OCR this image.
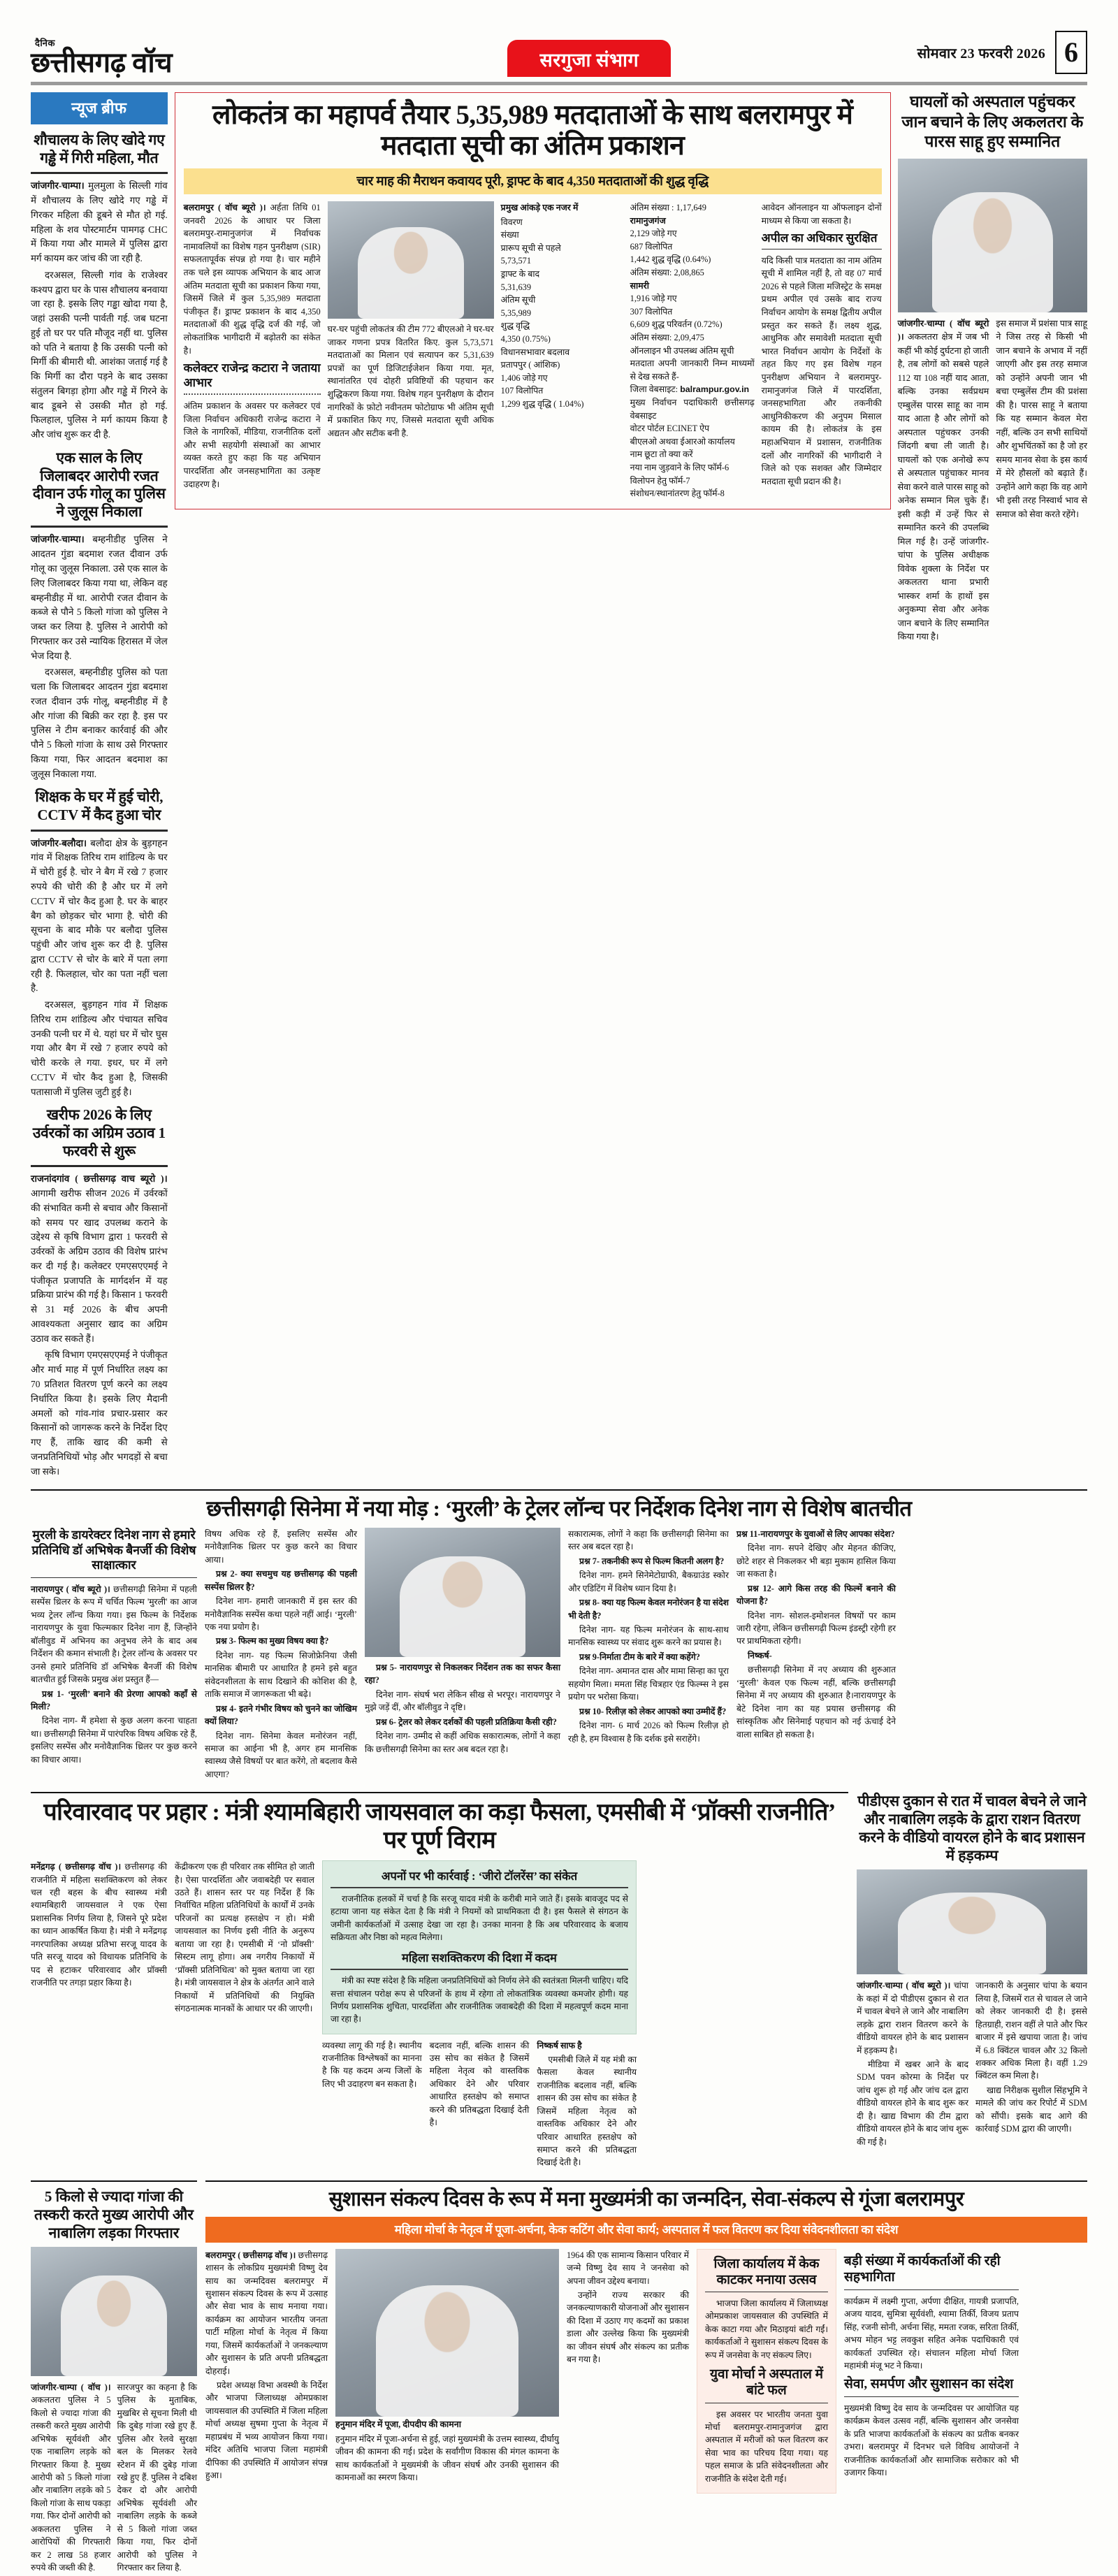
दैनिक
छत्तीसगढ़ वॉच	सरगुजा संभाग	सोमवार 23 फरवरी 2026 6
न्यूज ब्रीफ
शौचालय के लिए खोदे गए गड्ढे में गिरी महिला, मौत

जांजगीर-चाम्पा। मुलमुला के सिल्ली गांव में शौचालय के लिए खोदे गए गड्ढे में गिरकर महिला की डूबने से मौत हो गई. महिला के शव पोस्टमार्टम पामगढ़ CHC में किया गया और मामले में पुलिस द्वारा मर्ग कायम कर जांच की जा रही है.

दरअसल, सिल्ली गांव के राजेश्वर कश्यप द्वारा घर के पास शौचालय बनवाया जा रहा है. इसके लिए गड्ढा खोदा गया है, जहां उसकी पत्नी पार्वती गई. जब घटना हुई तो घर पर पति मौजूद नहीं था. पुलिस को पति ने बताया है कि उसकी पत्नी को मिर्गी की बीमारी थी. आशंका जताई गई है कि मिर्गी का दौरा पड़ने के बाद उसका संतुलन बिगड़ा होगा और गड्ढे में गिरने के बाद डूबने से उसकी मौत हो गई. फिलहाल, पुलिस ने मर्ग कायम किया है और जांच शुरू कर दी है.

एक साल के लिए जिलाबदर आरोपी रजत दीवान उर्फ गोलू का पुलिस ने जुलूस निकाला

जांजगीर-चाम्पा। बम्हनीडीह पुलिस ने आदतन गुंडा बदमाश रजत दीवान उर्फ गोलू का जुलूस निकाला. उसे एक साल के लिए जिलाबदर किया गया था, लेकिन वह बम्हनीडीह में था. आरोपी रजत दीवान के कब्जे से पौने 5 किलो गांजा को पुलिस ने जब्त कर लिया है. पुलिस ने आरोपी को गिरफ्तार कर उसे न्यायिक हिरासत में जेल भेज दिया है.

दरअसल, बम्हनीडीह पुलिस को पता चला कि जिलाबदर आदतन गुंडा बदमाश रजत दीवान उर्फ गोलू, बम्हनीडीह में है और गांजा की बिक्री कर रहा है. इस पर पुलिस ने टीम बनाकर कार्रवाई की और पौने 5 किलो गांजा के साथ उसे गिरफ्तार किया गया, फिर आदतन बदमाश का जुलूस निकाला गया.

शिक्षक के घर में हुई चोरी, CCTV में कैद हुआ चोर

जांजगीर-बलौदा। बलौदा क्षेत्र के बुड़गहन गांव में शिक्षक तिरिथ राम शांडिल्य के घर में चोरी हुई है. चोर ने बैग में रखे 7 हजार रुपये की चोरी की है और घर में लगे CCTV में चोर कैद हुआ है. घर के बाहर बैग को छोड़कर चोर भागा है. चोरी की सूचना के बाद मौके पर बलौदा पुलिस पहुंची और जांच शुरू कर दी है. पुलिस द्वारा CCTV से चोर के बारे में पता लगा रही है. फिलहाल, चोर का पता नहीं चला है.

दरअसल, बुड़गहन गांव में शिक्षक तिरिथ राम शांडिल्य और पंचायत सचिव उनकी पत्नी घर में थे. यहां घर में चोर घुस गया और बैग में रखे 7 हजार रुपये को चोरी करके ले गया. इधर, घर में लगे CCTV में चोर कैद हुआ है, जिसकी पतासाजी में पुलिस जुटी हुई है।

खरीफ 2026 के लिए उर्वरकों का अग्रिम उठाव 1 फरवरी से शुरू

राजनांदगांव ( छत्तीसगढ़ वाच ब्यूरो )। आगामी खरीफ सीजन 2026 में उर्वरकों की संभावित कमी से बचाव और किसानों को समय पर खाद उपलब्ध कराने के उद्देश्य से कृषि विभाग द्वारा 1 फरवरी से उर्वरकों के अग्रिम उठाव की विशेष प्रारंभ कर दी गई है। कलेक्टर एमएसएएमई ने पंजीकृत प्रजापति के मार्गदर्शन में यह प्रक्रिया प्रारंभ की गई है। किसान 1 फरवरी से 31 मई 2026 के बीच अपनी आवश्यकता अनुसार खाद का अग्रिम उठाव कर सकते हैं।

कृषि विभाग एमएसएएमई ने पंजीकृत और मार्च माह में पूर्ण निर्धारित लक्ष्य का 70 प्रतिशत वितरण पूर्ण करने का लक्ष्य निर्धारित किया है। इसके लिए मैदानी अमलों को गांव-गांव प्रचार-प्रसार कर किसानों को जागरूक करने के निर्देश दिए गए हैं, ताकि खाद की कमी से जनप्रतिनिधियों भोड़ और भगदड़ों से बचा जा सके।

लोकतंत्र का महापर्व तैयार 5,35,989 मतदाताओं के साथ बलरामपुर में मतदाता सूची का अंतिम प्रकाशन
चार माह की मैराथन कवायद पूरी, ड्राफ्ट के बाद 4,350 मतदाताओं की शुद्ध वृद्धि

बलरामपुर ( वॉच ब्यूरो )। अर्हता तिथि 01 जनवरी 2026 के आधार पर जिला बलरामपुर-रामानुजगंज में निर्वाचक नामावलियों का विशेष गहन पुनरीक्षण (SIR) सफलतापूर्वक संपन्न हो गया है। चार महीने तक चले इस व्यापक अभियान के बाद आज अंतिम मतदाता सूची का प्रकाशन किया गया, जिसमें जिले में कुल 5,35,989 मतदाता पंजीकृत हैं। ड्राफ्ट प्रकाशन के बाद 4,350 मतदाताओं की शुद्ध वृद्धि दर्ज की गई, जो लोकतांत्रिक भागीदारी में बढ़ोतरी का संकेत है।

कलेक्टर राजेन्द्र कटारा ने जताया आभार

अंतिम प्रकाशन के अवसर पर कलेक्टर एवं जिला निर्वाचन अधिकारी राजेन्द्र कटारा ने जिले के नागरिकों, मीडिया, राजनीतिक दलों और सभी सहयोगी संस्थाओं का आभार व्यक्त करते हुए कहा कि यह अभियान पारदर्शिता और जनसहभागिता का उत्कृष्ट उदाहरण है।

घर-घर पहुंची लोकतंत्र की टीम 772 बीएलओ ने घर-घर जाकर गणना प्रपत्र वितरित किए. कुल 5,73,571 मतदाताओं का मिलान एवं सत्यापन कर 5,31,639 प्रपत्रों का पूर्ण डिजिटाईजेशन किया गया. मृत, स्थानांतरित एवं दोहरी प्रविष्टियों की पहचान कर शुद्धिकरण किया गया. विशेष गहन पुनरीक्षण के दौरान नागरिकों के फ़ोटो नवीनतम फोटोग्राफ भी अंतिम सूची में प्रकाशित किए गए, जिससे मतदाता सूची अधिक अद्यतन और सटीक बनी है.

प्रमुख आंकड़े एक नजर में
विवरण
संख्या
प्रारूप सूची से पहले
5,73,571
ड्राफ्ट के बाद
5,31,639
अंतिम सूची
5,35,989
शुद्ध वृद्धि
4,350 (0.75%)
विधानसभावार बदलाव
प्रतापपुर ( आंशिक)
1,406 जोड़े गए
107 विलोपित
1,299 शुद्ध वृद्धि ( 1.04%)
अंतिम संख्या : 1,17,649
रामानुजगंज
2,129 जोड़े गए
687 विलोपित
1,442 शुद्ध वृद्धि (0.64%)
अंतिम संख्या: 2,08,865
सामरी
1,916 जोड़े गए
307 विलोपित
6,609 शुद्ध परिवर्तन (0.72%)
अंतिम संख्या: 2,09,475
ऑनलाइन भी उपलब्ध अंतिम सूची
मतदाता अपनी जानकारी निम्न माध्यमों से देख सकते हैं-
जिला वेबसाइट: balrampur.gov.in
मुख्य निर्वाचन पदाधिकारी छत्तीसगढ़ वेबसाइट
वोटर पोर्टल ECINET ऐप
बीएलओ अथवा ईआरओ कार्यालय
नाम छूटा तो क्या करें
नया नाम जुड़वाने के लिए फॉर्म-6
विलोपन हेतु फॉर्म-7
संशोधन/स्थानांतरण हेतु फॉर्म-8

आवेदन ऑनलाइन या ऑफलाइन दोनों माध्यम से किया जा सकता है।

अपील का अधिकार सुरक्षित

यदि किसी पात्र मतदाता का नाम अंतिम सूची में शामिल नहीं है, तो वह 07 मार्च 2026 से पहले जिला मजिस्ट्रेट के समक्ष प्रथम अपील एवं उसके बाद राज्य निर्वाचन आयोग के समक्ष द्वितीय अपील प्रस्तुत कर सकते हैं। लक्ष्य शुद्ध, आधुनिक और समावेशी मतदाता सूची भारत निर्वाचन आयोग के निर्देशों के तहत किए गए इस विशेष गहन पुनरीक्षण अभियान ने बलरामपुर-रामानुजगंज जिले में पारदर्शिता, जनसहभागिता और तकनीकी आधुनिकीकरण की अनुपम मिसाल कायम की है। लोकतंत्र के इस महाअभियान में प्रशासन, राजनीतिक दलों और नागरिकों की भागीदारी ने जिले को एक सशक्त और जिम्मेदार मतदाता सूची प्रदान की है।

घायलों को अस्पताल पहुंचकर जान बचाने के लिए अकलतरा के पारस साहू हुए सम्मानित

जांजगीर-चाम्पा ( वॉच ब्यूरो )। अकलतरा क्षेत्र में जब भी कहीं भी कोई दुर्घटना हो जाती है, तब लोगों को सबसे पहले 112 या 108 नहीं याद आता, बल्कि उनका सर्वप्रथम एम्बुलेंस पारस साहू का नाम याद आता है और लोगों को अस्पताल पहुंचकर उनकी जिंदगी बचा ली जाती है। घायलों को एक अनोखे रूप से अस्पताल पहुंचाकर मानव सेवा करने वाले पारस साहू को अनेक सम्मान मिल चुके हैं। इसी कड़ी में उन्हें फिर से सम्मानित करने की उपलब्धि मिल गई है। उन्हें जांजगीर-चांपा के पुलिस अधीक्षक विवेक शुक्ला के निर्देश पर अकलतरा थाना प्रभारी भास्कर शर्मा के हाथों इस अनुकम्पा सेवा और अनेक जान बचाने के लिए सम्मानित किया गया है।

इस समाज में प्रशंसा पात्र साहू ने जिस तरह से किसी भी जान बचाने के अभाव में नहीं जाएगी और इस तरह समाज को उन्होंने अपनी जान भी बचा एम्बुलेंस टीम की प्रशंसा की है। पारस साहू ने बताया कि यह सम्मान केवल मेरा नहीं, बल्कि उन सभी साथियों और शुभचिंतकों का है जो हर समय मानव सेवा के इस कार्य में मेरे हौसलों को बढ़ाते हैं। उन्होंने आगे कहा कि वह आगे भी इसी तरह निस्वार्थ भाव से समाज को सेवा करते रहेंगे।

छत्तीसगढ़ी सिनेमा में नया मोड़ : ‘मुरली’ के ट्रेलर लॉन्च पर निर्देशक दिनेश नाग से विशेष बातचीत
मुरली के डायरेक्टर दिनेश नाग से हमारे प्रतिनिधि डॉ अभिषेक बैनर्जी की विशेष साक्षात्कार

नारायणपुर ( वॉच ब्यूरो )। छत्तीसगढ़ी सिनेमा में पहली सस्पेंस थ्रिलर के रूप में चर्चित फिल्म 'मुरली' का आज भव्य ट्रेलर लॉन्च किया गया। इस फिल्म के निर्देशक नारायणपुर के युवा फिल्मकार दिनेश नाग हैं, जिन्होंने बॉलीवुड में अभिनय का अनुभव लेने के बाद अब निर्देशन की कमान संभाली है। ट्रेलर लॉन्च के अवसर पर उनसे हमारे प्रतिनिधि डॉ अभिषेक बैनर्जी की विशेष बातचीत हुई जिसके प्रमुख अंश प्रस्तुत हैं—

प्रश्न 1- ‘मुरली’ बनाने की प्रेरणा आपको कहाँ से मिली?

दिनेश नाग- मैं हमेशा से कुछ अलग करना चाहता था। छत्तीसगढ़ी सिनेमा में पारंपरिक विषय अधिक रहे हैं, इसलिए सस्पेंस और मनोवैज्ञानिक थ्रिलर पर कुछ करने का विचार आया।

विषय अधिक रहे हैं, इसलिए सस्पेंस और मनोवैज्ञानिक थ्रिलर पर कुछ करने का विचार आया।

प्रश्न 2- क्या सचमुच यह छत्तीसगढ़ की पहली सस्पेंस थ्रिलर है?

दिनेश नाग- हमारी जानकारी में इस स्तर की मनोवैज्ञानिक सस्पेंस कथा पहले नहीं आई। ‘मुरली’ एक नया प्रयोग है।

प्रश्न 3- फिल्म का मुख्य विषय क्या है?

दिनेश नाग- यह फिल्म सिजोफ्रेनिया जैसी मानसिक बीमारी पर आधारित है हमने इसे बहुत संवेदनशीलता के साथ दिखाने की कोशिश की है, ताकि समाज में जागरूकता भी बढ़े।

प्रश्न 4- इतने गंभीर विषय को चुनने का जोखिम क्यों लिया?

दिनेश नाग- सिनेमा केवल मनोरंजन नहीं, समाज का आईना भी है, अगर हम मानसिक स्वास्थ्य जैसे विषयों पर बात करेंगे, तो बदलाव कैसे आएगा?

प्रश्न 5- नारायणपुर से निकलकर निर्देशन तक का सफर कैसा रहा?

दिनेश नाग- संघर्ष भरा लेकिन सीख से भरपूर। नारायणपुर ने मुझे जड़ें दीं, और बॉलीवुड ने दृष्टि।

प्रश्न 6- ट्रेलर को लेकर दर्शकों की पहली प्रतिक्रिया कैसी रही?

दिनेश नाग- उम्मीद से कहीं अधिक सकारात्मक, लोगों ने कहा कि छत्तीसगढ़ी सिनेमा का स्तर अब बदल रहा है।

सकारात्मक, लोगों ने कहा कि छत्तीसगढ़ी सिनेमा का स्तर अब बदल रहा है।

प्रश्न 7- तकनीकी रूप से फिल्म कितनी अलग है?

दिनेश नाग- हमने सिनेमेटोग्राफी, बैकग्राउंड स्कोर और एडिटिंग में विशेष ध्यान दिया है।

प्रश्न 8- क्या यह फिल्म केवल मनोरंजन है या संदेश भी देती है?

दिनेश नाग- यह फिल्म मनोरंजन के साथ-साथ मानसिक स्वास्थ्य पर संवाद शुरू करने का प्रयास है।

प्रश्न 9-निर्माता टीम के बारे में क्या कहेंगे?

दिनेश नाग- अमानत दास और मामा सिन्हा का पूरा सहयोग मिला। ममता सिंह चित्रहार एंड फिल्म्स ने इस प्रयोग पर भरोसा किया।

प्रश्न 10- रिलीज़ को लेकर आपको क्या उम्मीदें हैं?

दिनेश नाग- 6 मार्च 2026 को फिल्म रिलीज़ हो रही है, हम विश्वास है कि दर्शक इसे सराहेंगे।

प्रश्न 11-नारायणपुर के युवाओं से लिए आपका संदेश?

दिनेश नाग- सपने देखिए और मेहनत कीजिए, छोटे शहर से निकलकर भी बड़ा मुकाम हासिल किया जा सकता है।

प्रश्न 12- आगे किस तरह की फिल्में बनाने की योजना है?

दिनेश नाग- सोशल-इमोशनल विषयों पर काम जारी रहेगा, लेकिन छत्तीसगढ़ी फिल्म इंडस्ट्री रहेगी हर पर प्राथमिकता रहेगी।

निष्कर्ष-

छत्तीसगढ़ी सिनेमा में नए अध्याय की शुरुआत ‘मुरली’ केवल एक फिल्म नहीं, बल्कि छत्तीसगढ़ी सिनेमा में नए अध्याय की शुरुआत है।नारायणपुर के बेटे दिनेश नाग का यह प्रयास छत्तीसगढ़ की सांस्कृतिक और सिनेमाई पहचान को नई ऊंचाई देने वाला साबित हो सकता है।

परिवारवाद पर प्रहार : मंत्री श्यामबिहारी जायसवाल का कड़ा फैसला, एमसीबी में ‘प्रॉक्सी राजनीति’ पर पूर्ण विराम

मनेंद्रगढ़ ( छत्तीसगढ़ वॉच )। छत्तीसगढ़ की राजनीति में महिला सशक्तिकरण को लेकर चल रही बहस के बीच स्वास्थ्य मंत्री श्यामबिहारी जायसवाल ने एक ऐसा प्रशासनिक निर्णय लिया है, जिसने पूरे प्रदेश का ध्यान आकर्षित किया है। मंत्री ने मनेंद्रगढ़ नगरपालिका अध्यक्ष प्रतिभा सरजू यादव के पति सरजू यादव को विधायक प्रतिनिधि के पद से हटाकर परिवारवाद और प्रॉक्सी राजनीति पर तगड़ा प्रहार किया है।

केंद्रीकरण एक ही परिवार तक सीमित हो जाती है। ऐसा पारदर्शिता और जवाबदेही पर सवाल उठते हैं। शासन स्तर पर यह निर्देश हैं कि निर्वाचित महिला प्रतिनिधियों के कार्यों में उनके परिजनों का प्रत्यक्ष हस्तक्षेप न हो। मंत्री जायसवाल का निर्णय इसी नीति के अनुरूप बताया जा रहा है। एमसीबी में ‘नो प्रॉक्सी’ सिस्टम लागू होगा। अब नगरीय निकायों में ‘प्रॉक्सी प्रतिनिधित्व’ को मुक्त बताया जा रहा है। मंत्री जायसवाल ने क्षेत्र के अंतर्गत आने वाले निकायों में प्रतिनिधियों की नियुक्ति संगठनात्मक मानकों के आधार पर की जाएगी।

अपनों पर भी कार्रवाई : ‘जीरो टॉलरेंस’ का संकेत
राजनीतिक हलकों में चर्चा है कि सरजू यादव मंत्री के करीबी माने जाते हैं। इसके बावजूद पद से हटाया जाना यह संकेत देता है कि मंत्री ने नियमों को प्राथमिकता दी है। इस फैसले से संगठन के जमीनी कार्यकर्ताओं में उत्साह देखा जा रहा है। उनका मानना है कि अब परिवारवाद के बजाय सक्रियता और निष्ठा को महत्व मिलेगा।
महिला सशक्तिकरण की दिशा में कदम
मंत्री का स्पष्ट संदेश है कि महिला जनप्रतिनिधियों को निर्णय लेने की स्वतंत्रता मिलनी चाहिए। यदि सत्ता संचालन परोक्ष रूप से परिजनों के हाथ में रहेगा तो लोकतांत्रिक व्यवस्था कमजोर होगी। यह निर्णय प्रशासनिक शुचिता, पारदर्शिता और राजनीतिक जवाबदेही की दिशा में महत्वपूर्ण कदम माना जा रहा है।

व्यवस्था लागू की गई है। स्थानीय राजनीतिक विश्लेषकों का मानना है कि यह कदम अन्य जिलों के लिए भी उदाहरण बन सकता है।

बदलाव नहीं, बल्कि शासन की उस सोच का संकेत है जिसमें महिला नेतृत्व को वास्तविक अधिकार देने और परिवार आधारित हस्तक्षेप को समाप्त करने की प्रतिबद्धता दिखाई देती है।

निष्कर्ष साफ है

एमसीबी जिले में यह मंत्री का फैसला केवल स्थानीय राजनीतिक बदलाव नहीं, बल्कि शासन की उस सोच का संकेत है जिसमें महिला नेतृत्व को वास्तविक अधिकार देने और परिवार आधारित हस्तक्षेप को समाप्त करने की प्रतिबद्धता दिखाई देती है।

पीडीएस दुकान से रात में चावल बेचने ले जाने और नाबालिग लड़के के द्वारा राशन वितरण करने के वीडियो वायरल होने के बाद प्रशासन में हड़कम्प

जांजगीर-चाम्पा ( वॉच ब्यूरो )। चांपा के कहां में दो पीडीएस दुकान से रात में चावल बेचने ले जाने और नाबालिग लड़के द्वारा राशन वितरण करने के वीडियो वायरल होने के बाद प्रशासन में हड़कम्प है।

मीडिया में खबर आने के बाद SDM पवन कोरमा के निर्देश पर जांच शुरू हो गई और जांच दल द्वारा वीडियो वायरल होने के बाद शुरू कर दी है। खाद्य विभाग की टीम द्वारा वीडियो वायरल होने के बाद जांच शुरू की गई है।

जानकारी के अनुसार चांपा के बयान लिया है, जिसमें रात से चावल ले जाने को लेकर जानकारी दी है। इससे हितग्राही, राशन वहीं ले पाते और फिर बाजार में इसे खपाया जाता है। जांच में 6.8 क्विंटल चावल और 32 किलो शक्कर अधिक मिला है। वहीं 1.29 क्विंटल कम मिला है।

खाद्य निरीक्षक सुशील सिंहभूमि ने मामले की जांच कर रिपोर्ट में SDM को सौंपी। इसके बाद आगे की कार्रवाई SDM द्वारा की जाएगी।

5 किलो से ज्यादा गांजा की तस्करी करते मुख्य आरोपी और नाबालिग लड़का गिरफ्तार

जांजगीर-चाम्पा ( वॉच )। अकलतरा पुलिस ने 5 किलो से ज्यादा गांजा की तस्करी करते मुख्य आरोपी अभिषेक सूर्यवंशी और एक नाबालिग लड़के को गिरफ्तार किया है. मुख्य आरोपी को 5 किलो गांजा और नाबालिग लड़के को 5 किलो गांजा के साथ पकड़ा गया. फिर दोनों आरोपी को अकलतरा पुलिस ने आरोपियों की गिरफ्तारी कर 2 लाख 58 हजार रुपये की जब्ती की है.

सारजपुर का कहना है कि पुलिस के मुताबिक, मुखबिर से सूचना मिली थी कि दुबेड़ गांजा रखे हुए हैं. पुलिस और रेलवे सुरक्षा बल के मिलकर रेलवे स्टेशन में की दुबेड़ गांजा रखे हुए हैं. पुलिस ने दबिश देकर दो और आरोपी अभिषेक सूर्यवंशी और नाबालिग लड़के के कब्जे से 5 किलो गांजा जब्त किया गया, फिर दोनों आरोपी को पुलिस ने गिरफ्तार कर लिया है.

सुशासन संकल्प दिवस के रूप में मना मुख्यमंत्री का जन्मदिन, सेवा-संकल्प से गूंजा बलरामपुर
महिला मोर्चा के नेतृत्व में पूजा-अर्चना, केक कटिंग और सेवा कार्य; अस्पताल में फल वितरण कर दिया संवेदनशीलता का संदेश

बलरामपुर ( छत्तीसगढ़ वॉच )। छत्तीसगढ़ शासन के लोकप्रिय मुख्यमंत्री विष्णु देव साय का जन्मदिवस बलरामपुर में सुशासन संकल्प दिवस के रूप में उत्साह और सेवा भाव के साथ मनाया गया। कार्यक्रम का आयोजन भारतीय जनता पार्टी महिला मोर्चा के नेतृत्व में किया गया, जिसमें कार्यकर्ताओं ने जनकल्याण और सुशासन के प्रति अपनी प्रतिबद्धता दोहराई।

प्रदेश अध्यक्ष विभा अवस्थी के निर्देश और भाजपा जिलाध्यक्ष ओमप्रकाश जायसवाल की उपस्थिति में जिला महिला मोर्चा अध्यक्ष सुषमा गुप्ता के नेतृत्व में महाप्रबंध में भव्य आयोजन किया गया। मंदिर अतिथि भाजपा जिला महामंत्री दीपिका की उपस्थिति में आयोजन संपन्न हुआ।

हनुमान मंदिर में पूजा, दीपदीप की कामना

हनुमान मंदिर में पूजा-अर्चना से हुई, जहां मुख्यमंत्री के उत्तम स्वास्थ्य, दीर्घायु जीवन की कामना की गई। प्रदेश के सर्वांगीण विकास की मंगल कामना के साथ कार्यकर्ताओं ने मुख्यमंत्री के जीवन संघर्ष और उनकी सुशासन की कामनाओं का स्मरण किया।

1964 की एक सामान्य किसान परिवार में जन्मे विष्णु देव साय ने जनसेवा को अपना जीवन उद्देश्य बनाया।

उन्होंने राज्य सरकार की जनकल्याणकारी योजनाओं और सुशासन की दिशा में उठाए गए कदमों का प्रकाश डाला और उल्लेख किया कि मुख्यमंत्री का जीवन संघर्ष और संकल्प का प्रतीक बन गया है।

जिला कार्यालय में केक काटकर मनाया उत्सव

भाजपा जिला कार्यालय में जिलाध्यक्ष ओमप्रकाश जायसवाल की उपस्थिति में केक काटा गया और मिठाइयां बांटी गईं। कार्यकर्ताओं ने सुशासन संकल्प दिवस के रूप में जनसेवा के नए संकल्प लिए।

युवा मोर्चा ने अस्पताल में बांटे फल

इस अवसर पर भारतीय जनता युवा मोर्चा बलरामपुर-रामानुजगंज द्वारा अस्पताल में मरीजों को फल वितरण कर सेवा भाव का परिचय दिया गया। यह पहल समाज के प्रति संवेदनशीलता और राजनीति के संदेश देती गई।

बड़ी संख्या में कार्यकर्ताओं की रही सहभागिता

कार्यक्रम में लक्ष्मी गुप्ता, अर्पणा दीक्षित, गायत्री प्रजापति, अजय यादव, सुमित्रा सूर्यवंशी, श्यामा तिर्की, विजय प्रताप सिंह, रजनी सोनी, अर्चना सिंह, ममता रजक, सरिता तिर्की, अभय मोहन भट्ट लवकुश सहित अनेक पदाधिकारी एवं कार्यकर्ता उपस्थित रहे। संचालन महिला मोर्चा जिला महामंत्री मंजू भट ने किया।

सेवा, समर्पण और सुशासन का संदेश

मुख्यमंत्री विष्णु देव साय के जन्मदिवस पर आयोजित यह कार्यक्रम केवल उत्सव नहीं, बल्कि सुशासन और जनसेवा के प्रति भाजपा कार्यकर्ताओं के संकल्प का प्रतीक बनकर उभरा। बलरामपुर में दिनभर चले विविध आयोजनों ने राजनीतिक कार्यकर्ताओं और सामाजिक सरोकार को भी उजागर किया।
